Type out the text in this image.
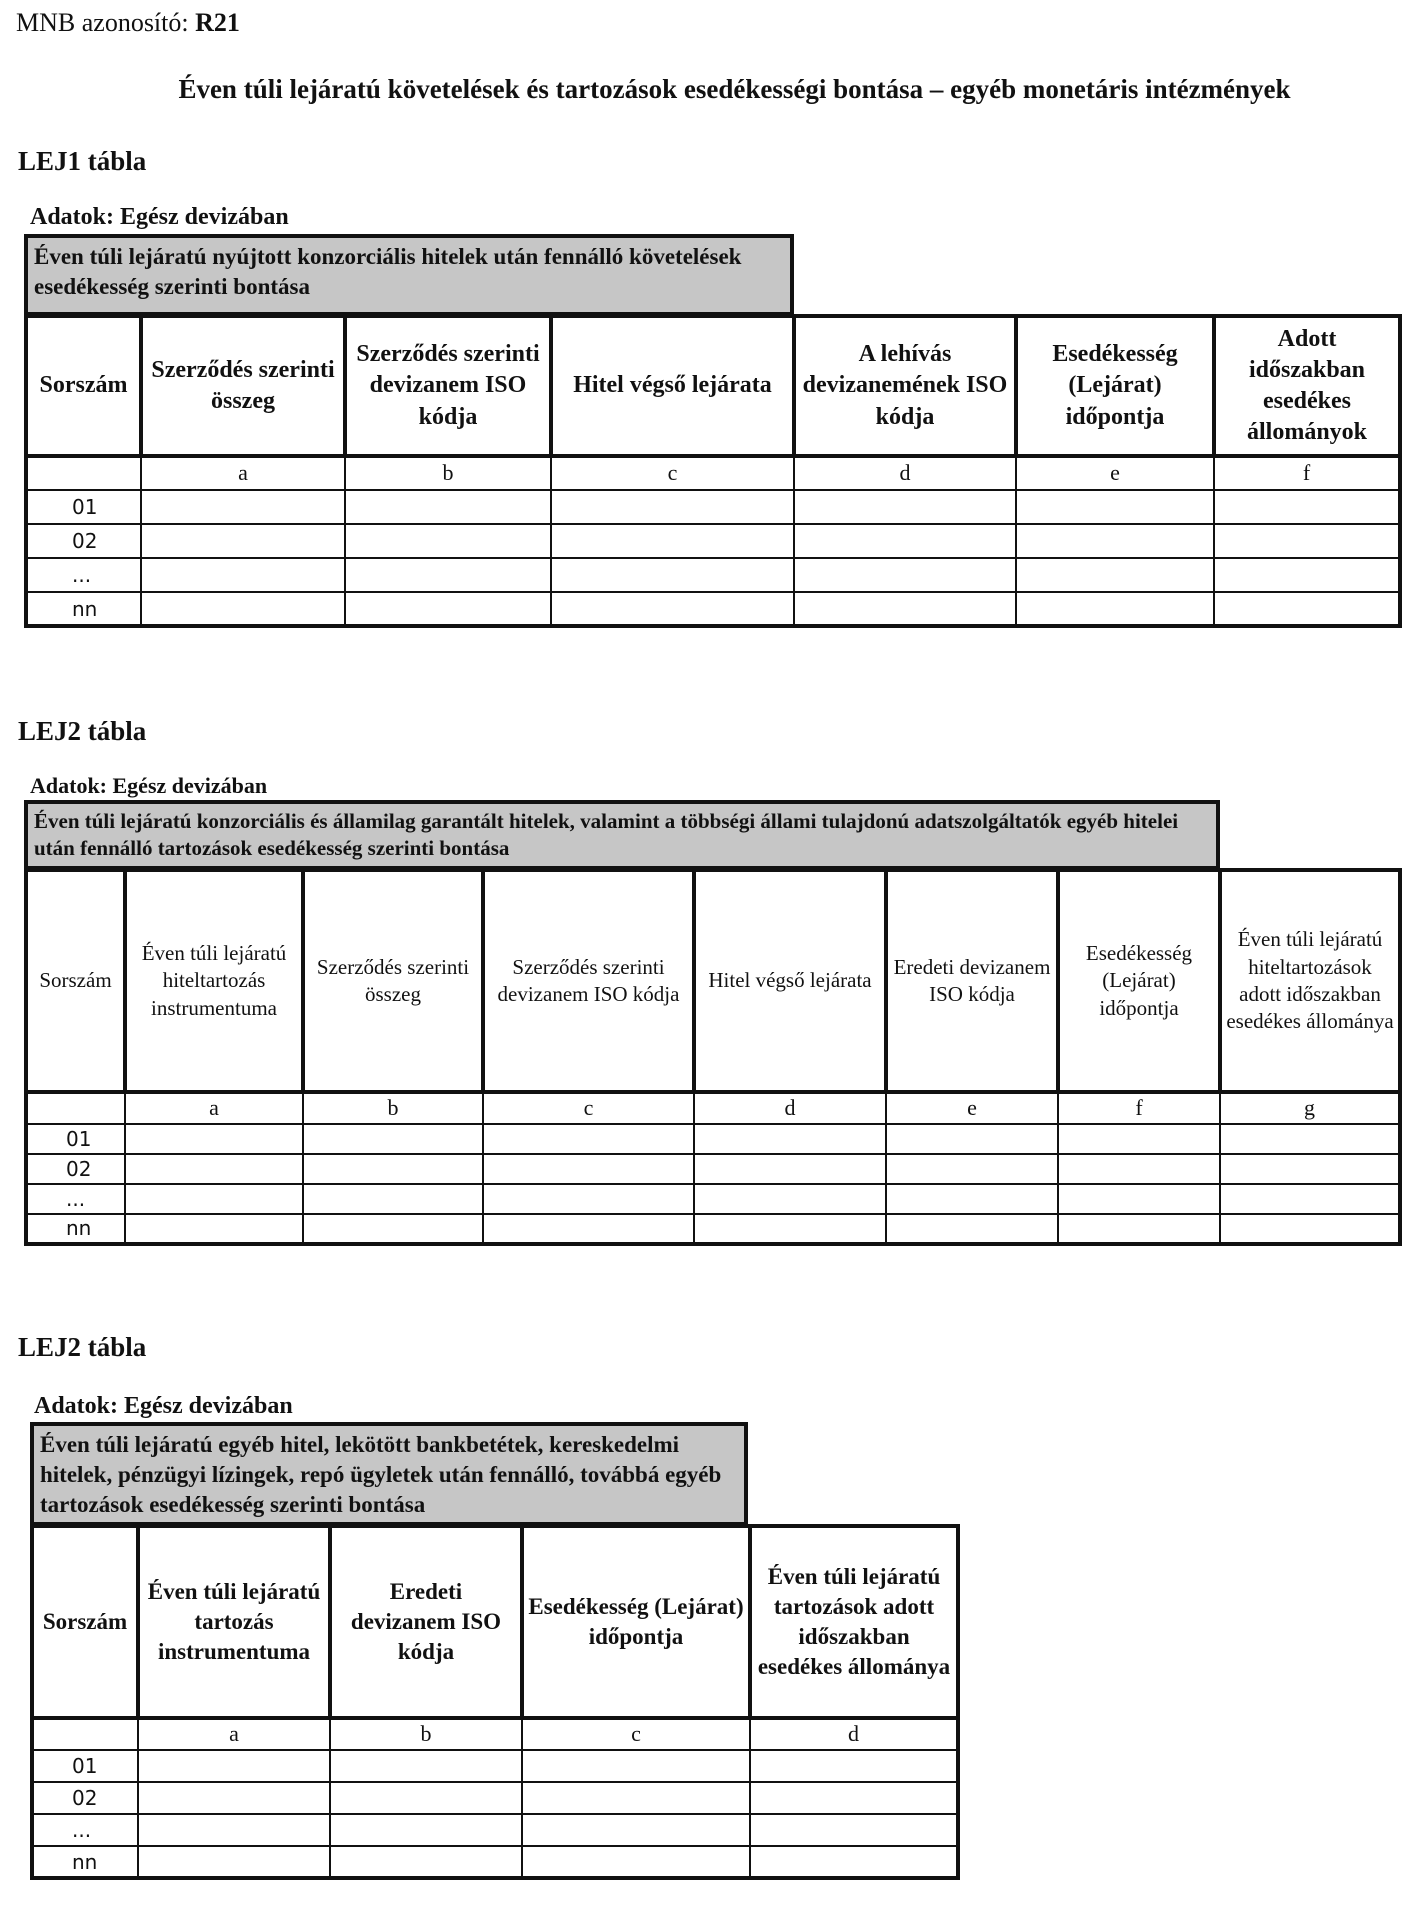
MNB azonosító: R21
Éven túli lejáratú követelések és tartozások esedékességi bontása – egyéb monetáris intézmények
LEJ1 tábla
Adatok: Egész devizában
Éven túli lejáratú nyújtott konzorciális hitelek után fennálló követelések esedékesség szerinti bontása
Sorszám	Szerződés szerinti összeg	Szerződés szerinti devizanem ISO kódja	Hitel végső lejárata	A lehívás devizanemének ISO kódja	Esedékesség (Lejárat) időpontja	Adott időszakban esedékes állományok
	a	b	c	d	e	f
01						
02						
...						
nn						
LEJ2 tábla
Adatok: Egész devizában
Éven túli lejáratú konzorciális és államilag garantált hitelek, valamint a többségi állami tulajdonú adatszolgáltatók egyéb hitelei után fennálló tartozások esedékesség szerinti bontása
Sorszám	Éven túli lejáratú hiteltartozás instrumentuma	Szerződés szerinti összeg	Szerződés szerinti devizanem ISO kódja	Hitel végső lejárata	Eredeti devizanem ISO kódja	Esedékesség (Lejárat) időpontja	Éven túli lejáratú hiteltartozások adott időszakban esedékes állománya
	a	b	c	d	e	f	g
01							
02							
...							
nn							
LEJ2 tábla
Adatok: Egész devizában
Éven túli lejáratú egyéb hitel, lekötött bankbetétek, kereskedelmi hitelek, pénzügyi lízingek, repó ügyletek után fennálló, továbbá egyéb tartozások esedékesség szerinti bontása
Sorszám	Éven túli lejáratú tartozás instrumentuma	Eredeti devizanem ISO kódja	Esedékesség (Lejárat) időpontja	Éven túli lejáratú tartozások adott időszakban esedékes állománya
	a	b	c	d
01				
02				
...				
nn				
